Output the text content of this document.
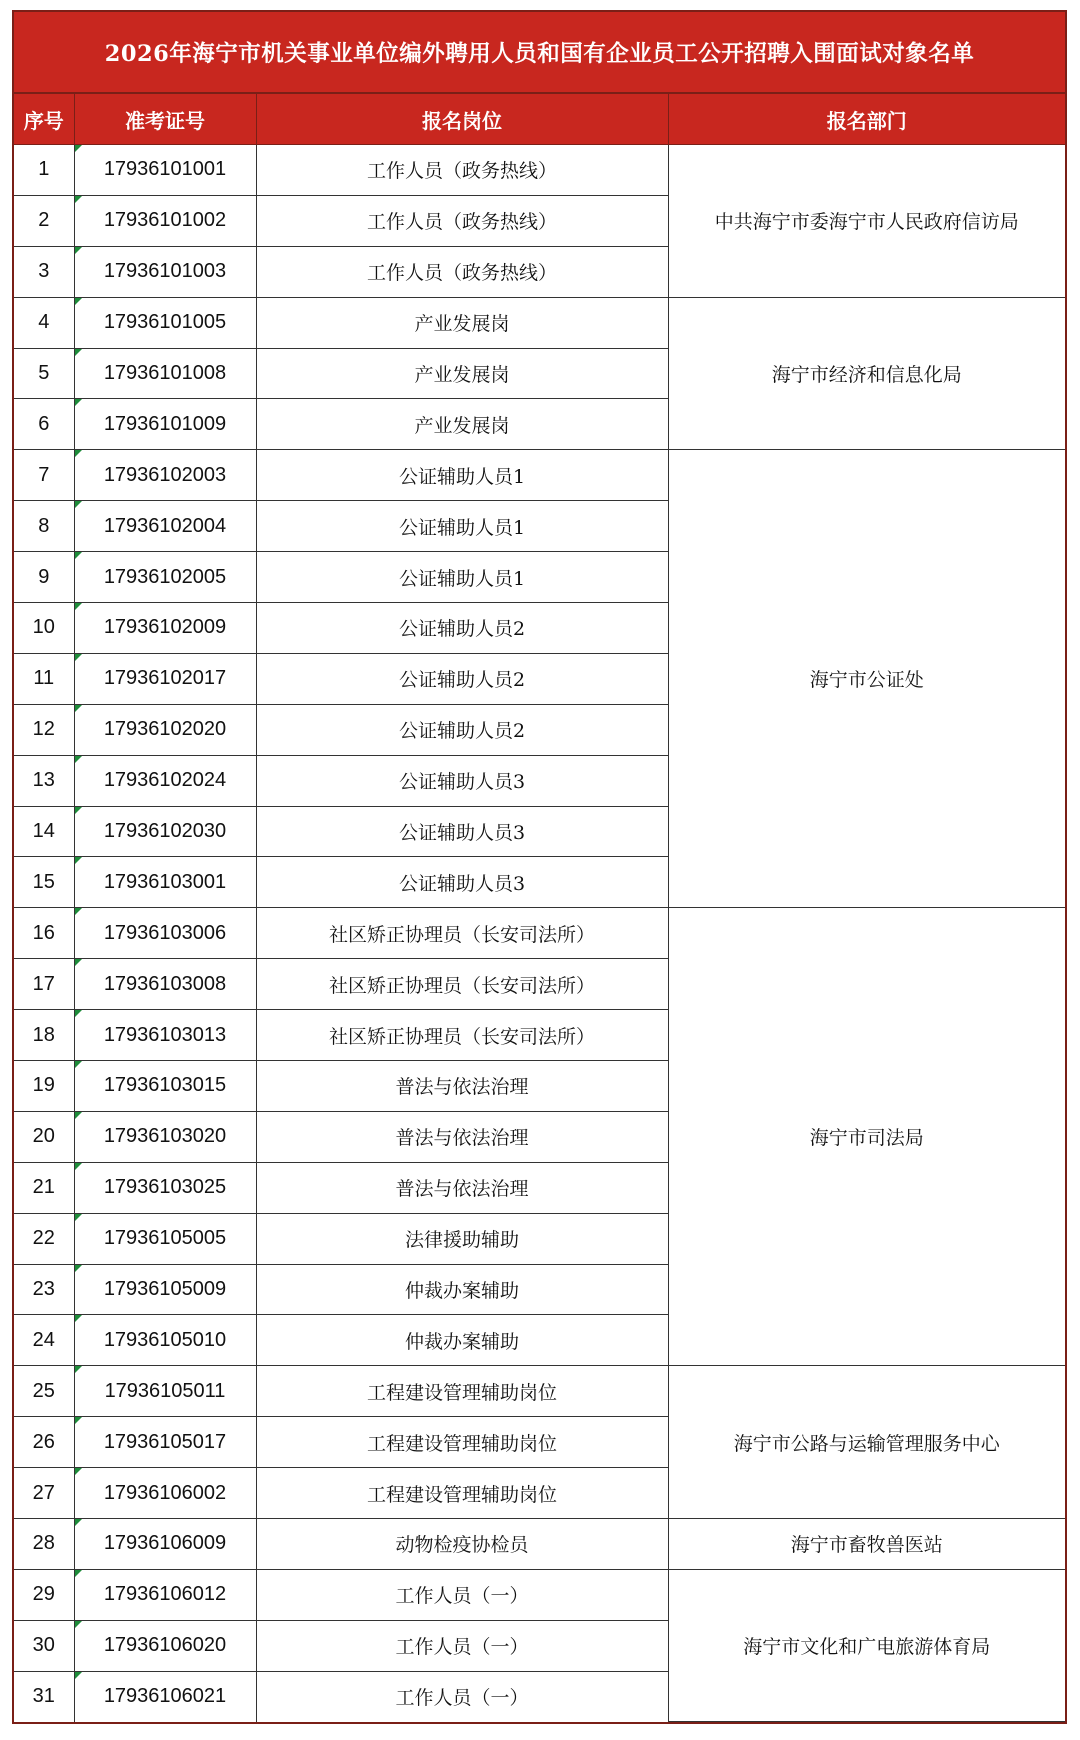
2026年海宁市机关事业单位编外聘用人员和国有企业员工公开招聘入围面试对象名单
序号	准考证号	报名岗位	报名部门
1	17936101001	工作人员（政务热线）	中共海宁市委海宁市人民政府信访局
2	17936101002	工作人员（政务热线）	
3	17936101003	工作人员（政务热线）	
4	17936101005	产业发展岗	海宁市经济和信息化局
5	17936101008	产业发展岗	
6	17936101009	产业发展岗	
7	17936102003	公证辅助人员1	海宁市公证处
8	17936102004	公证辅助人员1	
9	17936102005	公证辅助人员1	
10	17936102009	公证辅助人员2	
11	17936102017	公证辅助人员2	
12	17936102020	公证辅助人员2	
13	17936102024	公证辅助人员3	
14	17936102030	公证辅助人员3	
15	17936103001	公证辅助人员3	
16	17936103006	社区矫正协理员（长安司法所）	海宁市司法局
17	17936103008	社区矫正协理员（长安司法所）	
18	17936103013	社区矫正协理员（长安司法所）	
19	17936103015	普法与依法治理	
20	17936103020	普法与依法治理	
21	17936103025	普法与依法治理	
22	17936105005	法律援助辅助	
23	17936105009	仲裁办案辅助	
24	17936105010	仲裁办案辅助	
25	17936105011	工程建设管理辅助岗位	海宁市公路与运输管理服务中心
26	17936105017	工程建设管理辅助岗位	
27	17936106002	工程建设管理辅助岗位	
28	17936106009	动物检疫协检员	海宁市畜牧兽医站
29	17936106012	工作人员（一）	海宁市文化和广电旅游体育局
30	17936106020	工作人员（一）	
31	17936106021	工作人员（一）	
